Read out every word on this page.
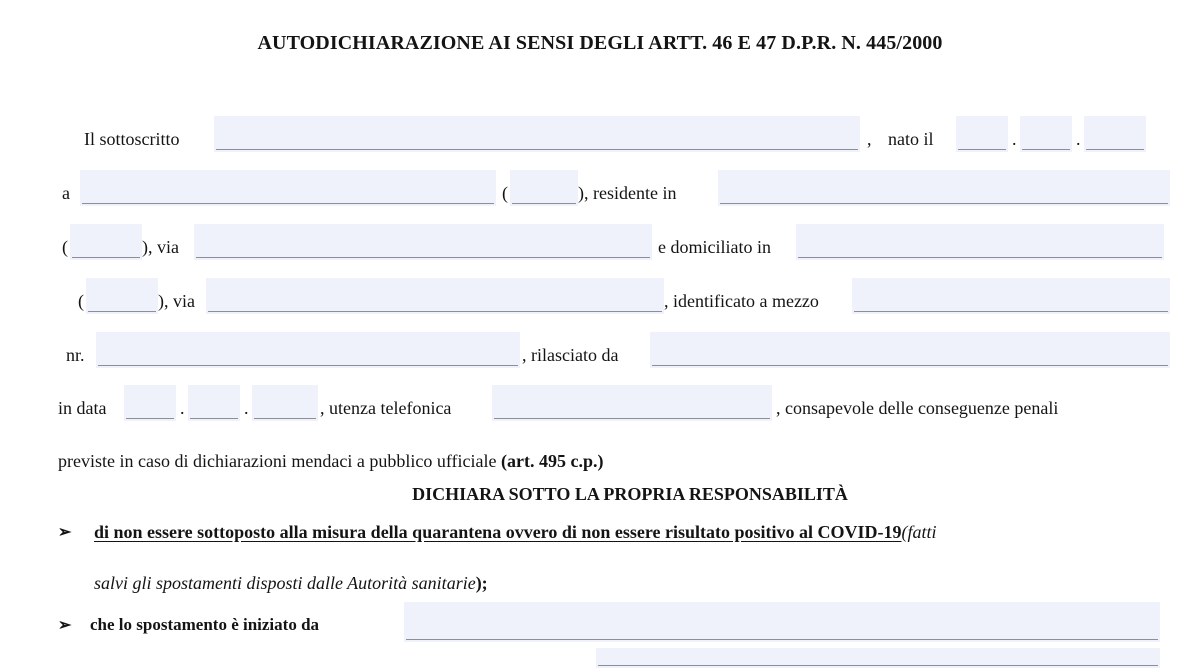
AUTODICHIARAZIONE AI SENSI DEGLI ARTT. 46 E 47 D.P.R. N. 445/2000
Il sottoscritto	, nato il	.	.
a	(	), residente in
(	), via	e domiciliato in
(	), via	, identificato a mezzo
nr.	, rilasciato da
in data	.	.	, utenza telefonica	, consapevole delle conseguenze penali
previste in caso di dichiarazioni mendaci a pubblico ufficiale (art. 495 c.p.)
DICHIARA SOTTO LA PROPRIA RESPONSABILITÀ
➢ di non essere sottoposto alla misura della quarantena ovvero di non essere risultato positivo al COVID-19(fatti
salvi gli spostamenti disposti dalle Autorità sanitarie);
➢ che lo spostamento è iniziato da
